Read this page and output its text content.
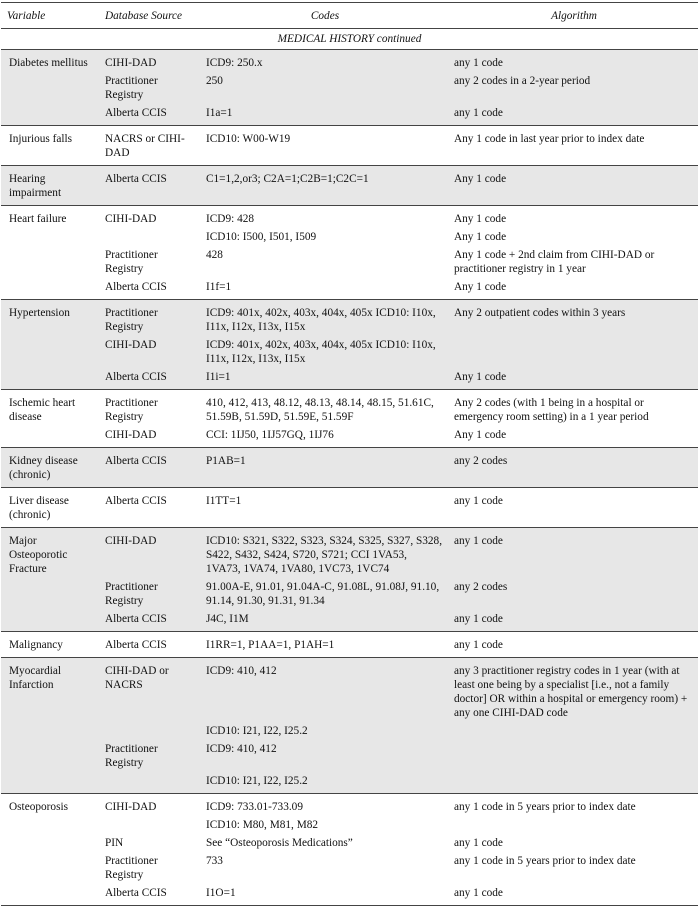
Variable	Database Source	Codes	Algorithm
MEDICAL HISTORY continued			
Diabetes mellitus	CIHI-DAD	ICD9: 250.x	any 1 code
	Practitioner Registry	250	any 2 codes in a 2-year period
	Alberta CCIS	I1a=1	any 1 code
Injurious falls	NACRS or CIHI-DAD	ICD10: W00-W19	Any 1 code in last year prior to index date
Hearing impairment	Alberta CCIS	C1=1,2,or3; C2A=1;C2B=1;C2C=1	Any 1 code
Heart failure	CIHI-DAD	ICD9: 428	Any 1 code
		ICD10: I500, I501, I509	Any 1 code
	Practitioner Registry	428	Any 1 code + 2nd claim from CIHI-DAD or practitioner registry in 1 year
	Alberta CCIS	I1f=1	Any 1 code
Hypertension	Practitioner Registry	ICD9: 401x, 402x, 403x, 404x, 405x ICD10: I10x, I11x, I12x, I13x, I15x	Any 2 outpatient codes within 3 years
	CIHI-DAD	ICD9: 401x, 402x, 403x, 404x, 405x ICD10: I10x, I11x, I12x, I13x, I15x	
	Alberta CCIS	I1i=1	Any 1 code
Ischemic heart disease	Practitioner Registry	410, 412, 413, 48.12, 48.13, 48.14, 48.15, 51.61C, 51.59B, 51.59D, 51.59E, 51.59F	Any 2 codes (with 1 being in a hospital or emergency room setting) in a 1 year period
	CIHI-DAD	CCI: 1IJ50, 1IJ57GQ, 1IJ76	Any 1 code
Kidney disease (chronic)	Alberta CCIS	P1AB=1	any 2 codes
Liver disease (chronic)	Alberta CCIS	I1TT=1	any 1 code
Major Osteoporotic Fracture	CIHI-DAD	ICD10: S321, S322, S323, S324, S325, S327, S328, S422, S432, S424, S720, S721; CCI 1VA53, 1VA73, 1VA74, 1VA80, 1VC73, 1VC74	any 1 code
	Practitioner Registry	91.00A-E, 91.01, 91.04A-C, 91.08L, 91.08J, 91.10, 91.14, 91.30, 91.31, 91.34	any 2 codes
	Alberta CCIS	J4C, I1M	any 1 code
Malignancy	Alberta CCIS	I1RR=1, P1AA=1, P1AH=1	any 1 code
Myocardial Infarction	CIHI-DAD or NACRS	ICD9: 410, 412	any 3 practitioner registry codes in 1 year (with at least one being by a specialist [i.e., not a family doctor] OR within a hospital or emergency room) + any one CIHI-DAD code
		ICD10: I21, I22, I25.2	
	Practitioner Registry	ICD9: 410, 412	
		ICD10: I21, I22, I25.2	
Osteoporosis	CIHI-DAD	ICD9: 733.01-733.09	any 1 code in 5 years prior to index date
		ICD10: M80, M81, M82	
	PIN	See “Osteoporosis Medications”	any 1 code
	Practitioner Registry	733	any 1 code in 5 years prior to index date
	Alberta CCIS	I1O=1	any 1 code
